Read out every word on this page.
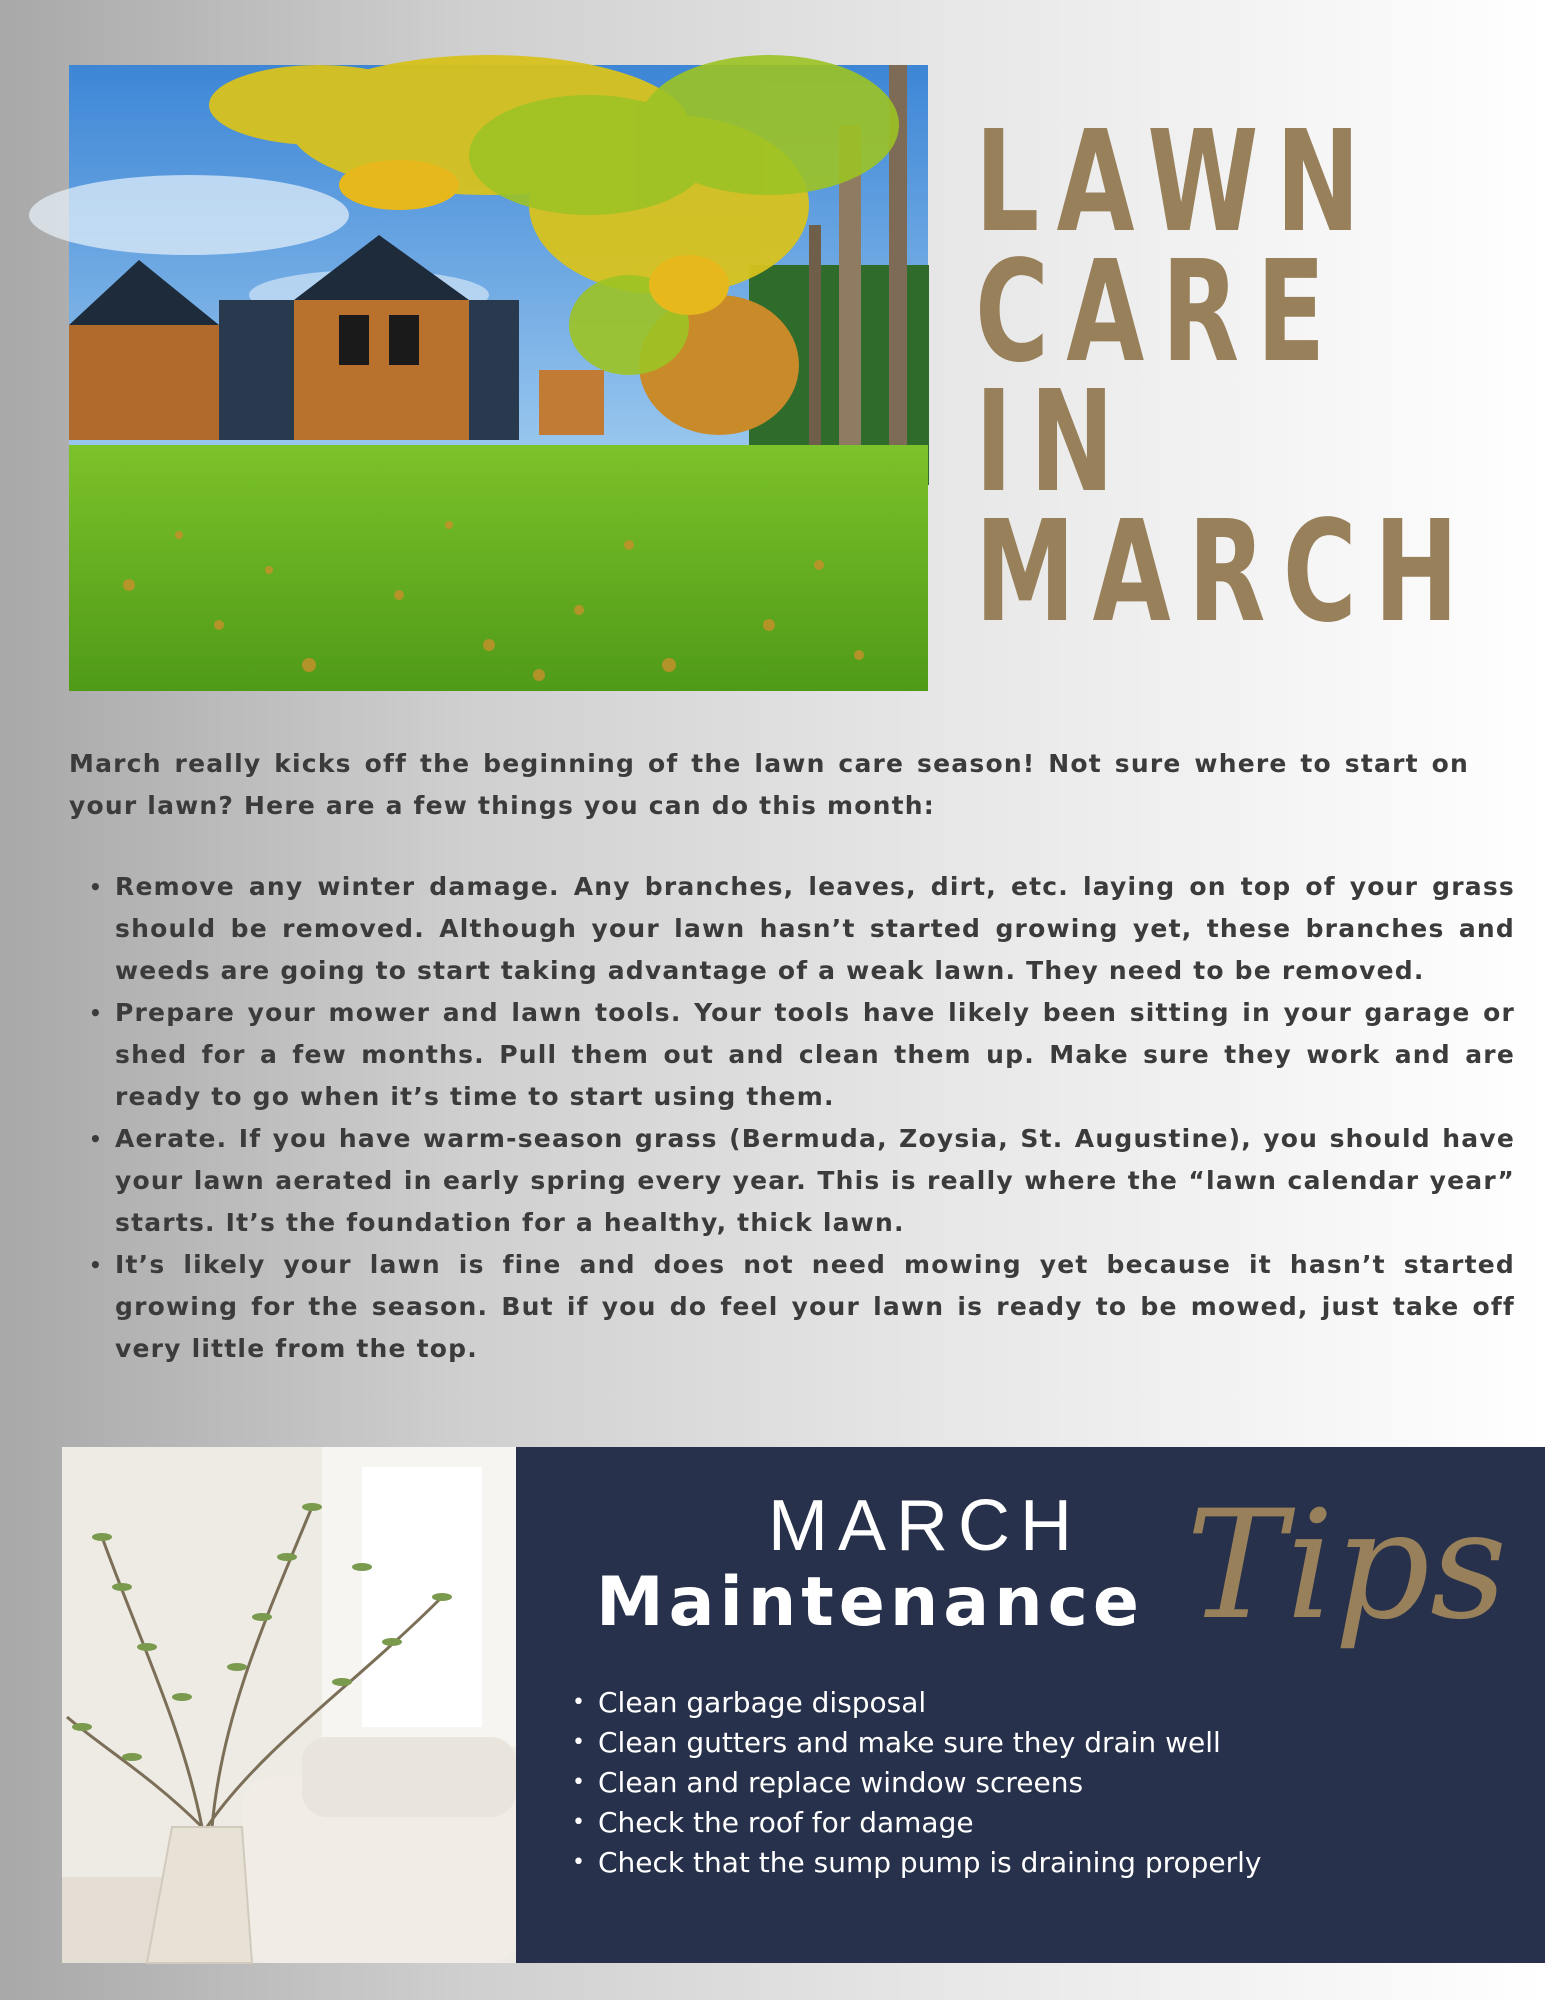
LAWN
CARE
IN
MARCH

March really kicks off the beginning of the lawn care season! Not sure where to start on your lawn? Here are a few things you can do this month:

• Remove any winter damage. Any branches, leaves, dirt, etc. laying on top of your grass should be removed. Although your lawn hasn’t started growing yet, these branches and weeds are going to start taking advantage of a weak lawn. They need to be removed.
• Prepare your mower and lawn tools. Your tools have likely been sitting in your garage or shed for a few months. Pull them out and clean them up. Make sure they work and are ready to go when it’s time to start using them.
• Aerate. If you have warm-season grass (Bermuda, Zoysia, St. Augustine), you should have your lawn aerated in early spring every year. This is really where the “lawn calendar year” starts. It’s the foundation for a healthy, thick lawn.
• It’s likely your lawn is fine and does not need mowing yet because it hasn’t started growing for the season. But if you do feel your lawn is ready to be mowed, just take off very little from the top.
MARCH
Maintenance Tips
• Clean garbage disposal
• Clean gutters and make sure they drain well
• Clean and replace window screens
• Check the roof for damage
• Check that the sump pump is draining properly
